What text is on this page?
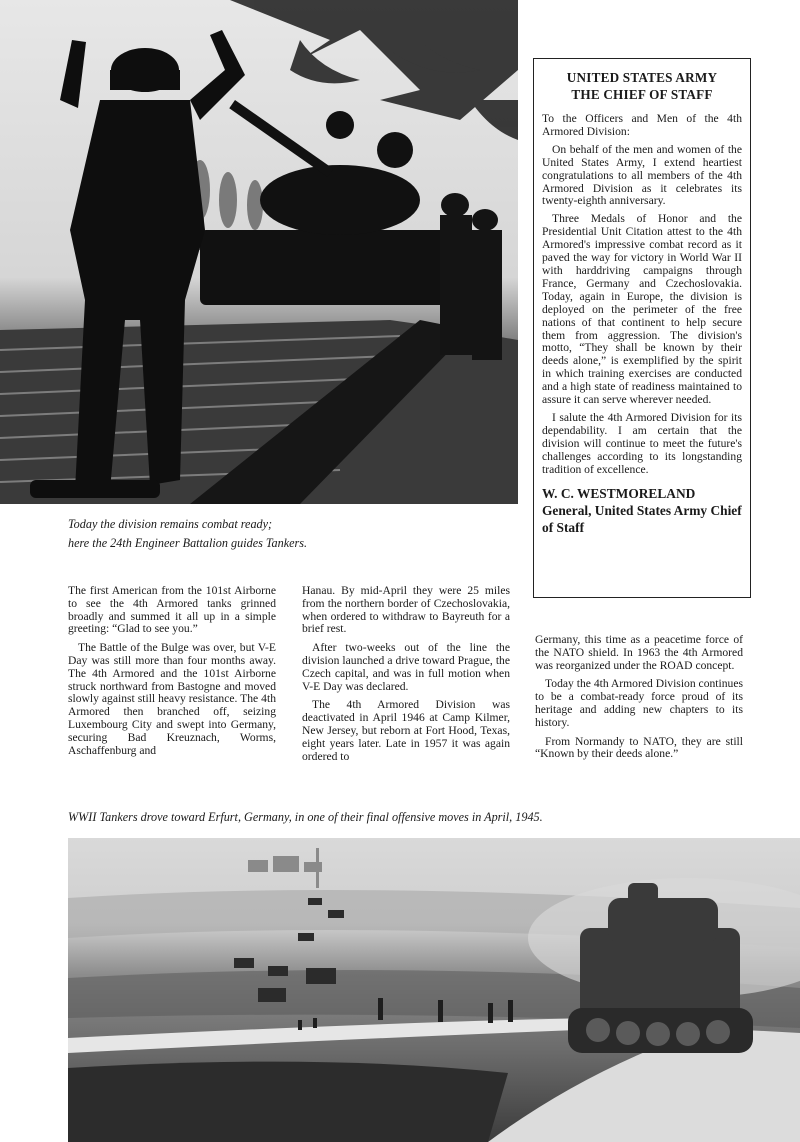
UNITED STATES ARMY
THE CHIEF OF STAFF

To the Officers and Men of the 4th Armored Division:

On behalf of the men and women of the United States Army, I extend heartiest congratulations to all members of the 4th Armored Division as it celebrates its twenty-eighth anniversary.

Three Medals of Honor and the Presidential Unit Citation attest to the 4th Armored's impressive combat record as it paved the way for victory in World War II with harddriving campaigns through France, Germany and Czechoslovakia. Today, again in Europe, the division is deployed on the perimeter of the free nations of that continent to help secure them from aggression. The division's motto, “They shall be known by their deeds alone,” is exemplified by the spirit in which training exercises are conducted and a high state of readiness maintained to assure it can serve wherever needed.

I salute the 4th Armored Division for its dependability. I am certain that the division will continue to meet the future's challenges according to its longstanding tradition of excellence.

W. C. WESTMORELAND
General, United States Army Chief of Staff
Today the division remains combat ready;
here the 24th Engineer Battalion guides Tankers.

The first American from the 101st Airborne to see the 4th Armored tanks grinned broadly and summed it all up in a simple greeting: “Glad to see you.”

The Battle of the Bulge was over, but V-E Day was still more than four months away. The 4th Armored and the 101st Airborne struck northward from Bastogne and moved slowly against still heavy resistance. The 4th Armored then branched off, seizing Luxembourg City and swept into Germany, securing Bad Kreuznach, Worms, Aschaffenburg and

Hanau. By mid-April they were 25 miles from the northern border of Czechoslovakia, when ordered to withdraw to Bayreuth for a brief rest.

After two-weeks out of the line the division launched a drive toward Prague, the Czech capital, and was in full motion when V-E Day was declared.

The 4th Armored Division was deactivated in April 1946 at Camp Kilmer, New Jersey, but reborn at Fort Hood, Texas, eight years later. Late in 1957 it was again ordered to

Germany, this time as a peacetime force of the NATO shield. In 1963 the 4th Armored was reorganized under the ROAD concept.

Today the 4th Armored Division continues to be a combat-ready force proud of its heritage and adding new chapters to its history.

From Normandy to NATO, they are still “Known by their deeds alone.”

WWII Tankers drove toward Erfurt, Germany, in one of their final offensive moves in April, 1945.
